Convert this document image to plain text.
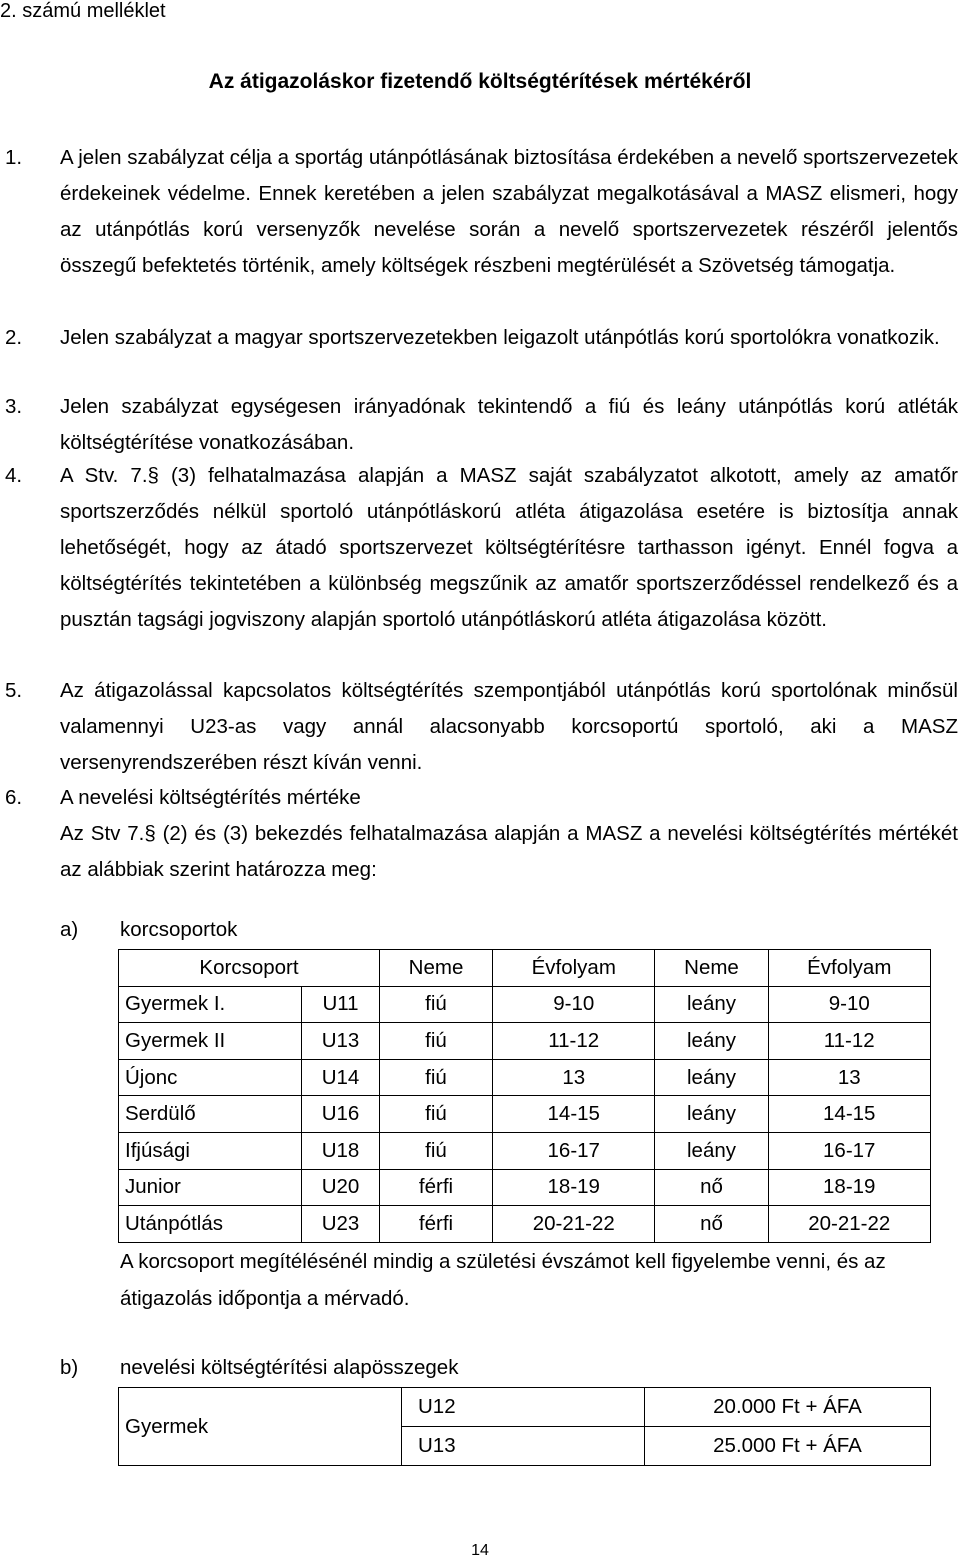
2. számú melléklet
Az átigazoláskor fizetendő költségtérítések mértékéről
1. A jelen szabályzat célja a sportág utánpótlásának biztosítása érdekében a nevelő sportszervezetek érdekeinek védelme. Ennek keretében a jelen szabályzat megalkotásával a MASZ elismeri, hogy az utánpótlás korú versenyzők nevelése során a nevelő sportszervezetek részéről jelentős összegű befektetés történik, amely költségek részbeni megtérülését a Szövetség támogatja.
2. Jelen szabályzat a magyar sportszervezetekben leigazolt utánpótlás korú sportolókra vonatkozik.
3. Jelen szabályzat egységesen irányadónak tekintendő a fiú és leány utánpótlás korú atléták költségtérítése vonatkozásában.
4. A Stv. 7.§ (3) felhatalmazása alapján a MASZ saját szabályzatot alkotott, amely az amatőr sportszerződés nélkül sportoló utánpótláskorú atléta átigazolása esetére is biztosítja annak lehetőségét, hogy az átadó sportszervezet költségtérítésre tarthasson igényt. Ennél fogva a költségtérítés tekintetében a különbség megszűnik az amatőr sportszerződéssel rendelkező és a pusztán tagsági jogviszony alapján sportoló utánpótláskorú atléta átigazolása között.
5. Az átigazolással kapcsolatos költségtérítés szempontjából utánpótlás korú sportolónak minősül valamennyi U23-as vagy annál alacsonyabb korcsoportú sportoló, aki a MASZ versenyrendszerében részt kíván venni.
6. A nevelési költségtérítés mértéke
Az Stv 7.§ (2) és (3) bekezdés felhatalmazása alapján a MASZ a nevelési költségtérítés mértékét az alábbiak szerint határozza meg:
a) korcsoportok
Korcsoport		Neme	Évfolyam	Neme	Évfolyam
Gyermek I.	U11	fiú	9-10	leány	9-10
Gyermek II	U13	fiú	11-12	leány	11-12
Újonc	U14	fiú	13	leány	13
Serdülő	U16	fiú	14-15	leány	14-15
Ifjúsági	U18	fiú	16-17	leány	16-17
Junior	U20	férfi	18-19	nő	18-19
Utánpótlás	U23	férfi	20-21-22	nő	20-21-22
A korcsoport megítélésénél mindig a születési évszámot kell figyelembe venni, és az átigazolás időpontja a mérvadó.
b) nevelési költségtérítési alapösszegek
Gyermek	U12	20.000 Ft + ÁFA
	U13	25.000 Ft + ÁFA
14
